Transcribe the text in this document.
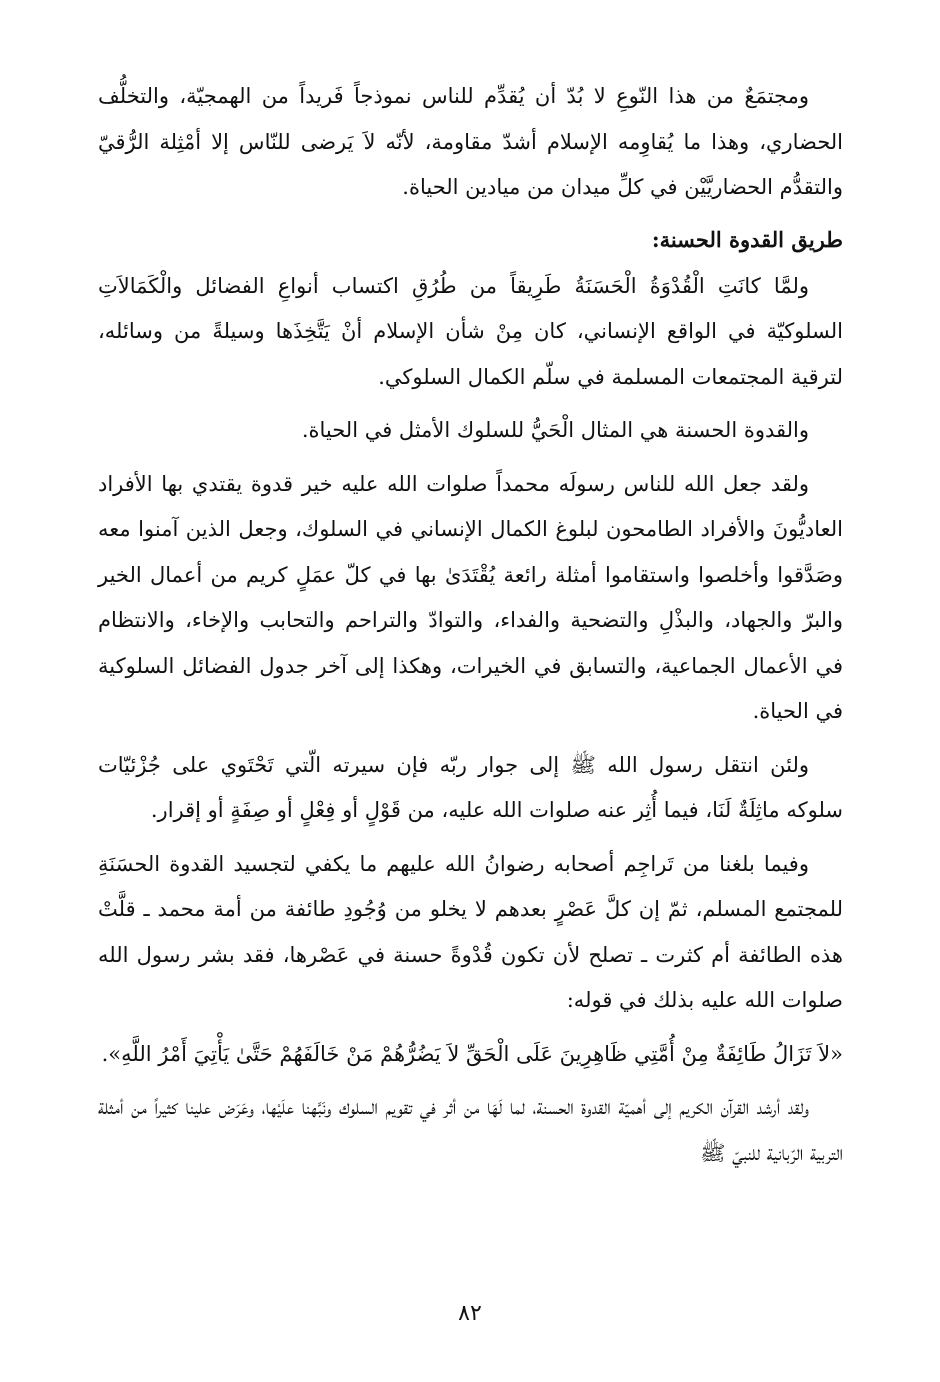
ومجتمَعٌ من هذا النّوعِ لا بُدّ أن يُقدِّم للناس نموذجاً فَريداً من الهمجيّة، والتخلُّف الحضاري، وهذا ما يُقاوِمه الإسلام أشدّ مقاومة، لأنّه لاَ يَرضى للنّاس إلا أمْثِلة الرُّقيّ والتقدُّم الحضاريَّيْن في كلِّ ميدان من ميادين الحياة.

طريق القدوة الحسنة:

ولمَّا كانَتِ الْقُدْوَةُ الْحَسَنَةُ طَرِيقاً من طُرُقِ اكتساب أنواعِ الفضائل والْكَمَالاَتِ السلوكيّة في الواقع الإنساني، كان مِنْ شأن الإسلام أنْ يَتَّخِذَها وسيلةً من وسائله، لترقية المجتمعات المسلمة في سلّم الكمال السلوكي.

والقدوة الحسنة هي المثال الْحَيُّ للسلوك الأمثل في الحياة.

ولقد جعل الله للناس رسولَه محمداً صلوات الله عليه خير قدوة يقتدي بها الأفراد العاديُّونَ والأفراد الطامحون لبلوغ الكمال الإنساني في السلوك، وجعل الذين آمنوا معه وصَدَّقوا وأخلصوا واستقاموا أمثلة رائعة يُقْتَدَىٰ بها في كلّ عمَلٍ كريم من أعمال الخير والبرّ والجهاد، والبذْلِ والتضحية والفداء، والتوادّ والتراحم والتحابب والإخاء، والانتظام في الأعمال الجماعية، والتسابق في الخيرات، وهكذا إلى آخر جدول الفضائل السلوكية في الحياة.

ولئن انتقل رسول الله ﷺ إلى جوار ربّه فإن سيرته الّتي تَحْتَوي على جُزْئيّات سلوكه ماثِلَةٌ لَنَا، فيما أُثِر عنه صلوات الله عليه، من قَوْلٍ أو فِعْلٍ أو صِفَةٍ أو إقرار.

وفيما بلغنا من تَراجِم أصحابه رضوانُ الله عليهم ما يكفي لتجسيد القدوة الحسَنَةِ للمجتمع المسلم، ثمّ إن كلَّ عَصْرٍ بعدهم لا يخلو من وُجُودِ طائفة من أمة محمد ـ قلَّتْ هذه الطائفة أم كثرت ـ تصلح لأن تكون قُدْوةً حسنة في عَصْرها، فقد بشر رسول الله صلوات الله عليه بذلك في قوله:

«لاَ تَزَالُ طَائِفَةٌ مِنْ أُمَّتِي ظَاهِرِينَ عَلَى الْحَقِّ لاَ يَضُرُّهُمْ مَنْ خَالَفَهُمْ حَتَّىٰ يَأْتِيَ أَمْرُ اللَّهِ».

ولقد أرشد القرآن الكريم إلى أهميّة القدوة الحسنة، لما لَهَا من أثر في تقويم السلوك ونَبَّهنا علَيْها، وعَرَض علينا كثيراً من أمثلة التربية الرّبانية للنبيّ ﷺ

٨٢
